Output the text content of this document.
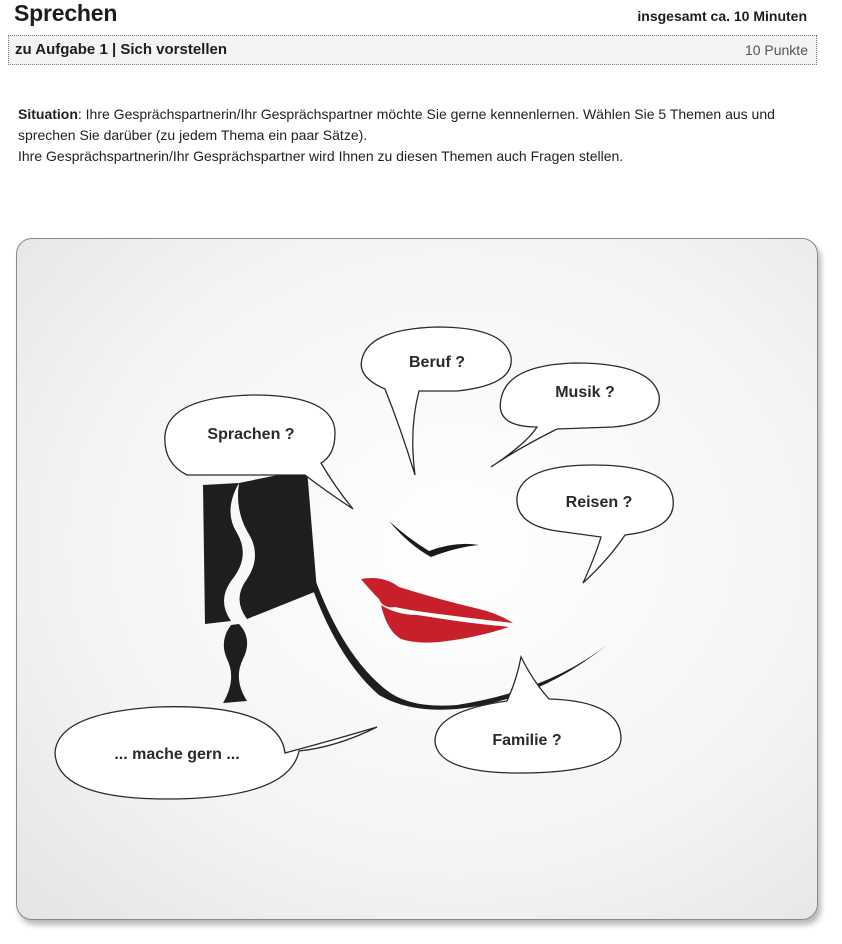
Sprechen	insgesamt ca. 10 Minuten
zu Aufgabe 1 | Sich vorstellen	10 Punkte

Situation: Ihre Gesprächspartnerin/Ihr Gesprächspartner möchte Sie gerne kennenlernen. Wählen Sie 5 Themen aus und sprechen Sie darüber (zu jedem Thema ein paar Sätze).

Ihre Gesprächspartnerin/Ihr Gesprächspartner wird Ihnen zu diesen Themen auch Fragen stellen.

Beruf ?
Musik ?
Sprachen ?
Reisen ?
Familie ?
... mache gern ...
